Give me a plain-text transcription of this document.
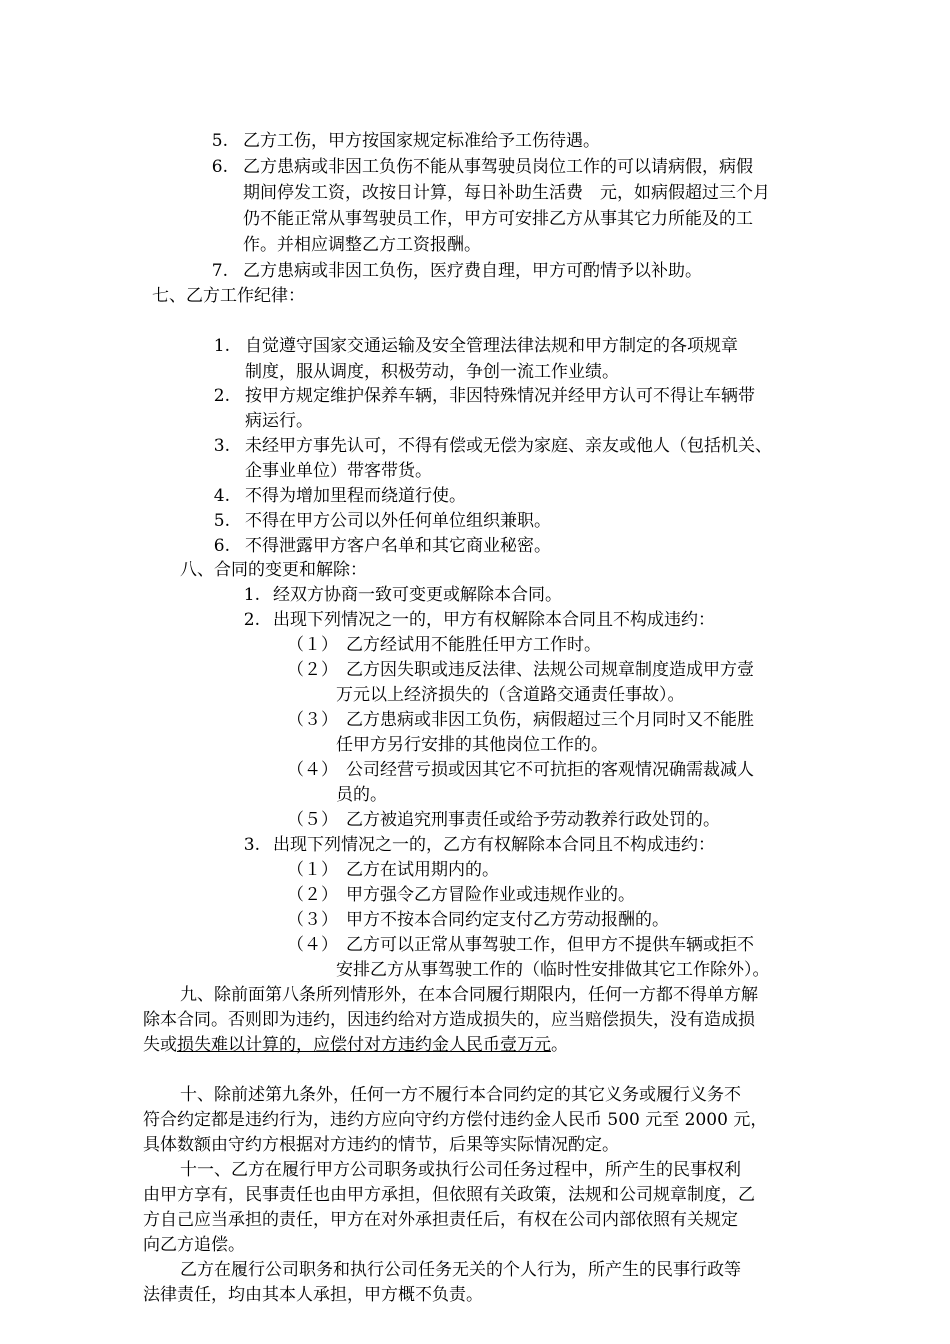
5. 乙方工伤，甲方按国家规定标准给予工伤待遇。
6. 乙方患病或非因工负伤不能从事驾驶员岗位工作的可以请病假，病假
期间停发工资，改按日计算，每日补助生活费　元，如病假超过三个月
仍不能正常从事驾驶员工作，甲方可安排乙方从事其它力所能及的工
作。并相应调整乙方工资报酬。
7. 乙方患病或非因工负伤，医疗费自理，甲方可酌情予以补助。
七、乙方工作纪律：
1. 自觉遵守国家交通运输及安全管理法律法规和甲方制定的各项规章
制度，服从调度，积极劳动，争创一流工作业绩。
2. 按甲方规定维护保养车辆，非因特殊情况并经甲方认可不得让车辆带
病运行。
3. 未经甲方事先认可，不得有偿或无偿为家庭、亲友或他人（包括机关、
企事业单位）带客带货。
4. 不得为增加里程而绕道行使。
5. 不得在甲方公司以外任何单位组织兼职。
6. 不得泄露甲方客户名单和其它商业秘密。
八、合同的变更和解除：
1. 经双方协商一致可变更或解除本合同。
2. 出现下列情况之一的，甲方有权解除本合同且不构成违约：
（１） 乙方经试用不能胜任甲方工作时。
（２） 乙方因失职或违反法律、法规公司规章制度造成甲方壹
万元以上经济损失的（含道路交通责任事故）。
（３） 乙方患病或非因工负伤，病假超过三个月同时又不能胜
任甲方另行安排的其他岗位工作的。
（４） 公司经营亏损或因其它不可抗拒的客观情况确需裁减人
员的。
（５） 乙方被追究刑事责任或给予劳动教养行政处罚的。
3. 出现下列情况之一的，乙方有权解除本合同且不构成违约：
（１） 乙方在试用期内的。
（２） 甲方强令乙方冒险作业或违规作业的。
（３） 甲方不按本合同约定支付乙方劳动报酬的。
（４） 乙方可以正常从事驾驶工作，但甲方不提供车辆或拒不
安排乙方从事驾驶工作的（临时性安排做其它工作除外）。
九、除前面第八条所列情形外，在本合同履行期限内，任何一方都不得单方解
除本合同。否则即为违约，因违约给对方造成损失的，应当赔偿损失，没有造成损
失或损失难以计算的，应偿付对方违约金人民币壹万元。
十、除前述第九条外，任何一方不履行本合同约定的其它义务或履行义务不
符合约定都是违约行为，违约方应向守约方偿付违约金人民币 500 元至 2000 元，
具体数额由守约方根据对方违约的情节，后果等实际情况酌定。
十一、乙方在履行甲方公司职务或执行公司任务过程中，所产生的民事权利
由甲方享有，民事责任也由甲方承担，但依照有关政策，法规和公司规章制度，乙
方自己应当承担的责任，甲方在对外承担责任后，有权在公司内部依照有关规定
向乙方追偿。
乙方在履行公司职务和执行公司任务无关的个人行为，所产生的民事行政等
法律责任，均由其本人承担，甲方概不负责。
